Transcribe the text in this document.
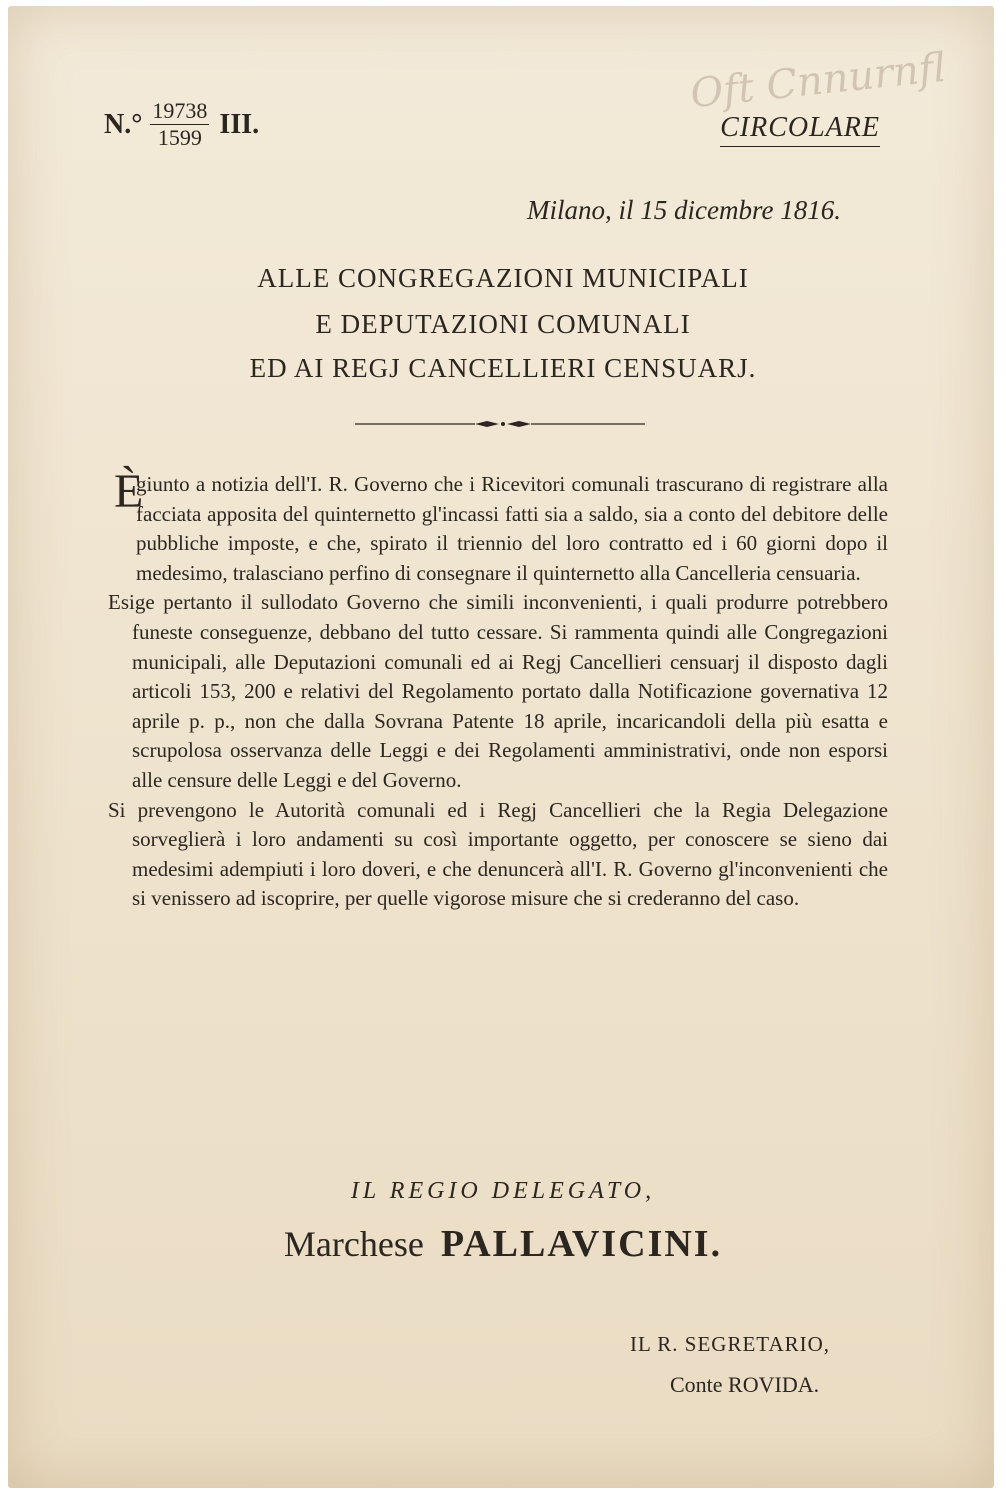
Oft Cnnurnfl
$N.^\circ \frac{19738}{1599}$ III.	CIRCOLARE
Milano, il 15 dicembre 1816.
ALLE CONGREGAZIONI MUNICIPALI
E DEPUTAZIONI COMUNALI
ED AI REGJ CANCELLIERI CENSUARJ.

È
giunto a notizia dell'I. R. Governo che i Ricevitori comunali trascurano di registrare alla facciata apposita del quinternetto gl'incassi fatti sia a saldo, sia a conto del debitore delle pubbliche imposte, e che, spirato il triennio del loro contratto ed i 60 giorni dopo il medesimo, tralasciano perfino di consegnare il quinternetto alla Cancelleria censuaria.

Esige pertanto il sullodato Governo che simili inconvenienti, i quali produrre potrebbero funeste conseguenze, debbano del tutto cessare. Si rammenta quindi alle Congregazioni municipali, alle Deputazioni comunali ed ai Regj Cancellieri censuarj il disposto dagli articoli 153, 200 e relativi del Regolamento portato dalla Notificazione governativa 12 aprile p. p., non che dalla Sovrana Patente 18 aprile, incaricandoli della più esatta e scrupolosa osservanza delle Leggi e dei Regolamenti amministrativi, onde non esporsi alle censure delle Leggi e del Governo.

Si prevengono le Autorità comunali ed i Regj Cancellieri che la Regia Delegazione sorveglierà i loro andamenti su così importante oggetto, per conoscere se sieno dai medesimi adempiuti i loro doveri, e che denuncerà all'I. R. Governo gl'inconvenienti che si venissero ad iscoprire, per quelle vigorose misure che si crederanno del caso.

IL REGIO DELEGATO,
Marchese PALLAVICINI.
IL R. SEGRETARIO,
Conte ROVIDA.
